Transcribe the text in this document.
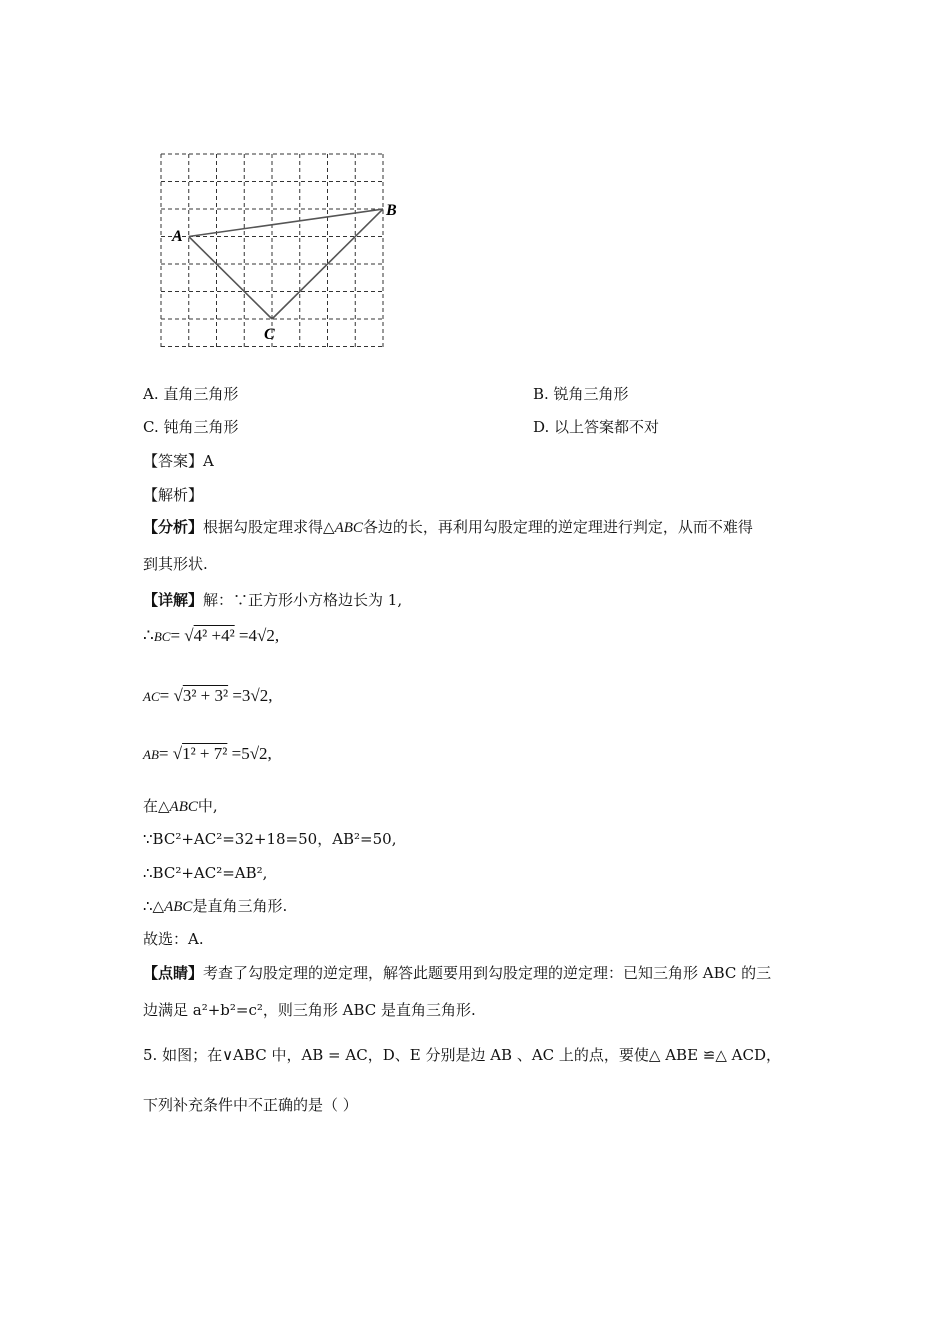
A
B
C
A. 直角三角形	B. 锐角三角形
C. 钝角三角形	D. 以上答案都不对
【答案】A
【解析】
【分析】根据勾股定理求得△ABC各边的长，再利用勾股定理的逆定理进行判定，从而不难得
到其形状.
【详解】解：∵正方形小方格边长为 1,
∴BC= √4² +4² =4√2,
AC= √3² + 3² =3√2,
AB= √1² + 7² =5√2,
在△ABC中,
∵BC²+AC²=32+18=50，AB²=50,
∴BC²+AC²=AB²,
∴△ABC是直角三角形.
故选：A.
【点睛】考查了勾股定理的逆定理，解答此题要用到勾股定理的逆定理：已知三角形 ABC 的三
边满足 a²+b²=c²，则三角形 ABC 是直角三角形.
5. 如图；在∨ABC 中，AB = AC，D、E 分别是边 AB 、AC 上的点，要使△ ABE ≌△ ACD，
下列补充条件中不正确的是（ ）
